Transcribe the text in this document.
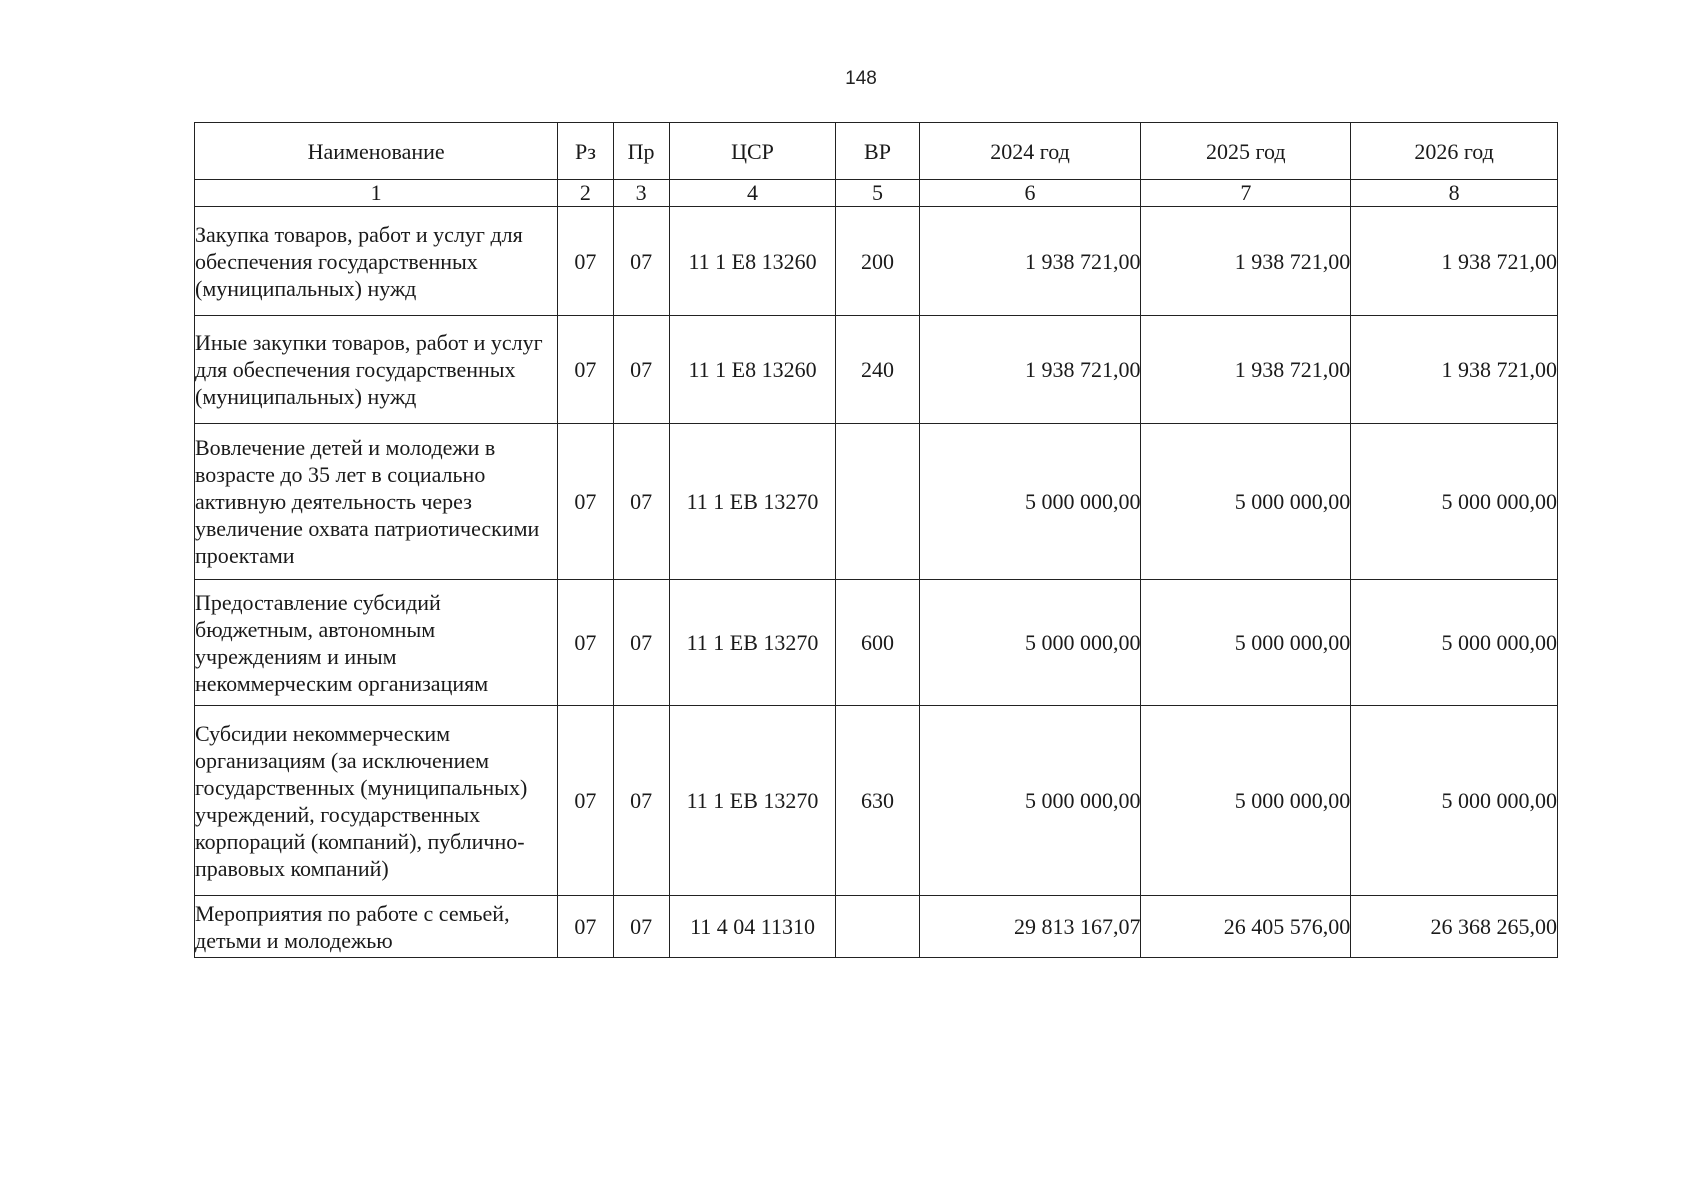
148
Наименование	Рз	Пр	ЦСР	ВР	2024 год	2025 год	2026 год
1	2	3	4	5	6	7	8
Закупка товаров, работ и услуг для обеспечения государственных (муниципальных) нужд	07	07	11 1 Е8 13260	200	1 938 721,00	1 938 721,00	1 938 721,00
Иные закупки товаров, работ и услуг для обеспечения государственных (муниципальных) нужд	07	07	11 1 Е8 13260	240	1 938 721,00	1 938 721,00	1 938 721,00
Вовлечение детей и молодежи в возрасте до 35 лет в социально активную деятельность через увеличение охвата патриотическими проектами	07	07	11 1 ЕВ 13270		5 000 000,00	5 000 000,00	5 000 000,00
Предоставление субсидий бюджетным, автономным учреждениям и иным некоммерческим организациям	07	07	11 1 ЕВ 13270	600	5 000 000,00	5 000 000,00	5 000 000,00
Субсидии некоммерческим организациям (за исключением государственных (муниципальных) учреждений, государственных корпораций (компаний), публично-правовых компаний)	07	07	11 1 ЕВ 13270	630	5 000 000,00	5 000 000,00	5 000 000,00
Мероприятия по работе с семьей, детьми и молодежью	07	07	11 4 04 11310		29 813 167,07	26 405 576,00	26 368 265,00
